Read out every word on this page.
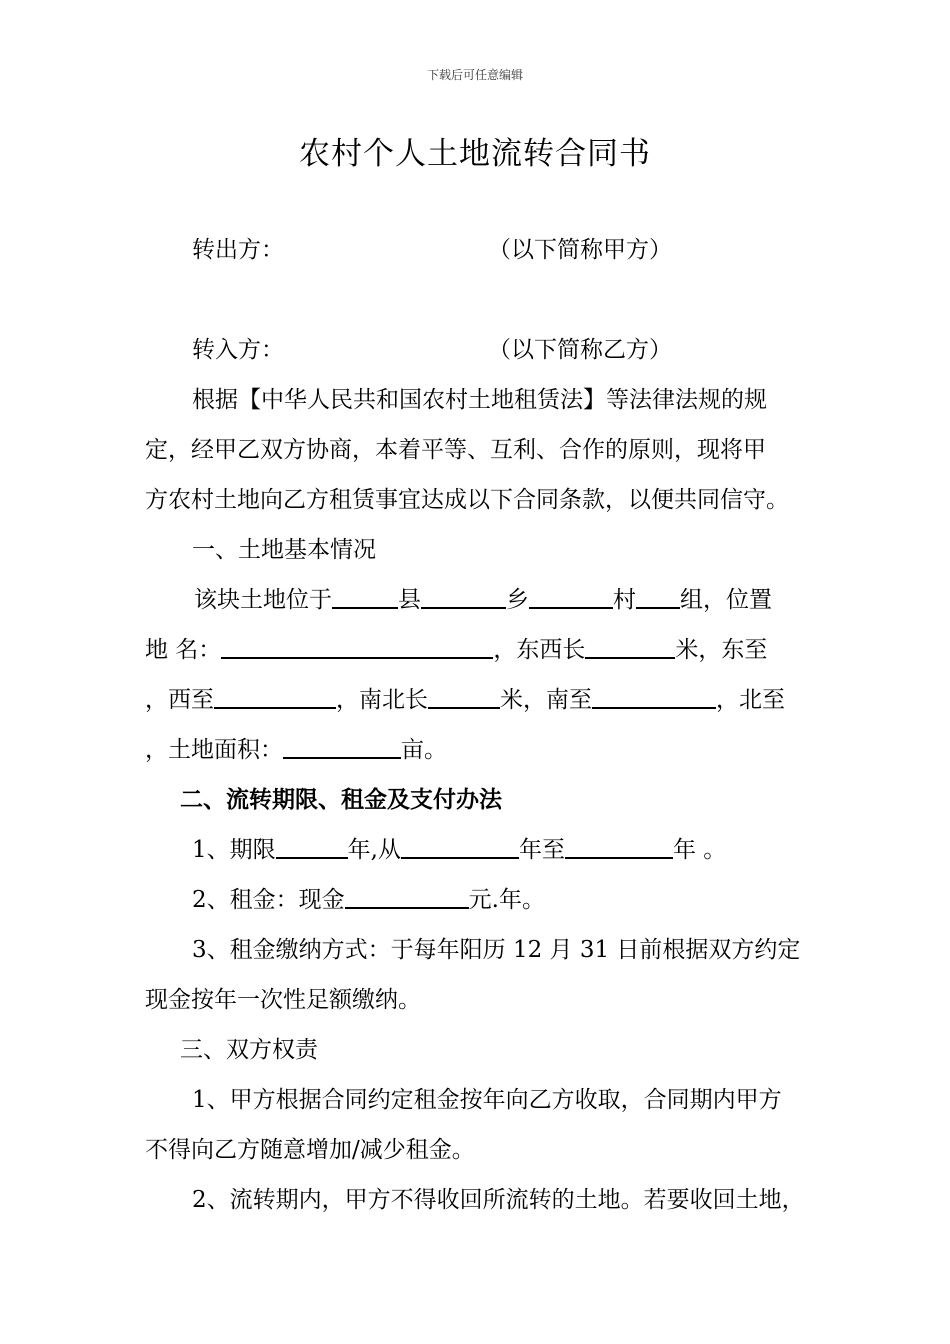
下载后可任意编辑
农村个人土地流转合同书
转出方：	（以下简称甲方）
转入方：	（以下简称乙方）
根据【中华人民共和国农村土地租赁法】等法律法规的规
定，经甲乙双方协商，本着平等、互利、合作的原则，现将甲
方农村土地向乙方租赁事宜达成以下合同条款，以便共同信守。
一、土地基本情况
该块土地位于	县	乡	村 组，位置
地 名：	，东西长	米，东至
，西至	，南北长	米，南至	，北至
，土地面积：	亩。
二、流转期限、租金及支付办法
1、期限	年,从	年至	年 。
2、租金：现金	元.年。
3、租金缴纳方式：于每年阳历 12 月 31 日前根据双方约定
现金按年一次性足额缴纳。
三、双方权责
1、甲方根据合同约定租金按年向乙方收取，合同期内甲方
不得向乙方随意增加/减少租金。
2、流转期内，甲方不得收回所流转的土地。若要收回土地，
